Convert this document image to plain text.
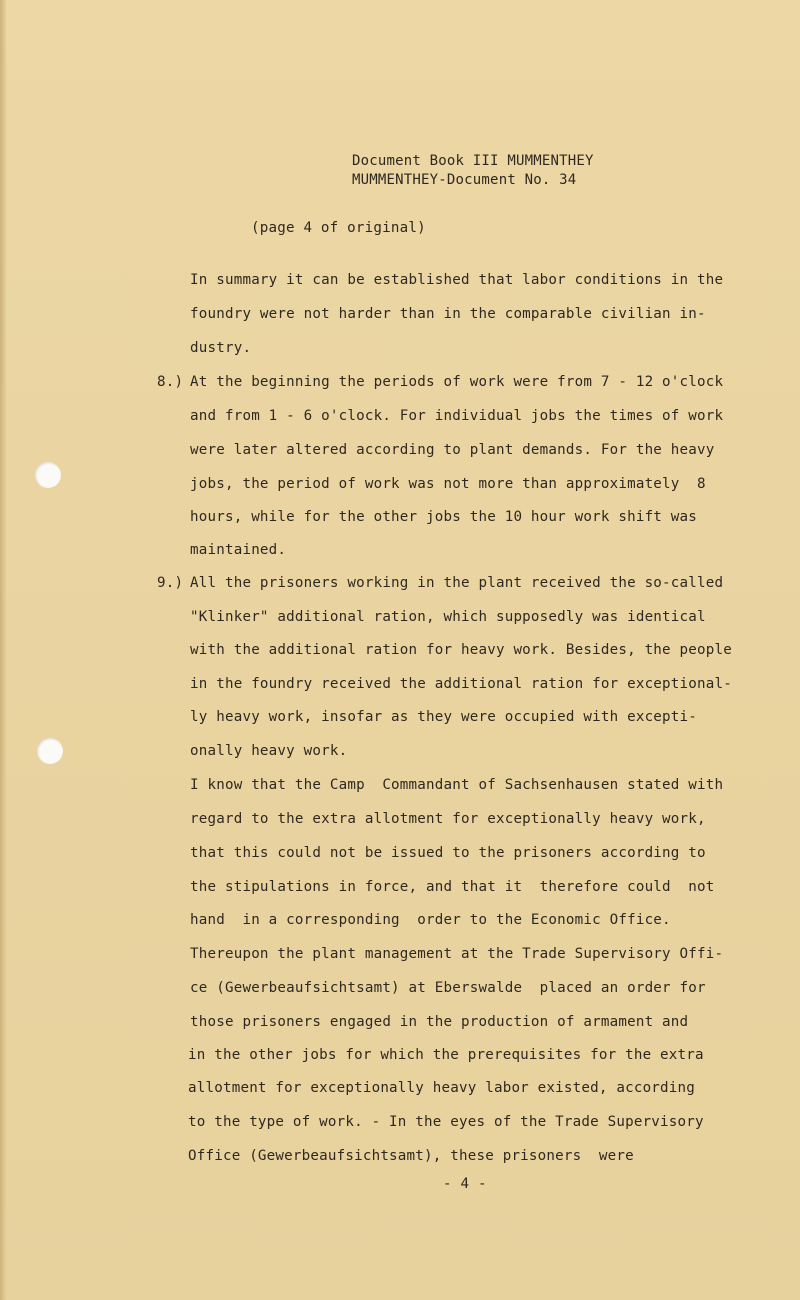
Document Book III MUMMENTHEY
MUMMENTHEY-Document No. 34
(page 4 of original)
In summary it can be established that labor conditions in the
foundry were not harder than in the comparable civilian in-
dustry.
8.) At the beginning the periods of work were from 7 - 12 o'clock
and from 1 - 6 o'clock. For individual jobs the times of work
were later altered according to plant demands. For the heavy
jobs, the period of work was not more than approximately  8
hours, while for the other jobs the 10 hour work shift was
maintained.
9.) All the prisoners working in the plant received the so-called
"Klinker" additional ration, which supposedly was identical
with the additional ration for heavy work. Besides, the people
in the foundry received the additional ration for exceptional-
ly heavy work, insofar as they were occupied with excepti-
onally heavy work.
I know that the Camp  Commandant of Sachsenhausen stated with
regard to the extra allotment for exceptionally heavy work,
that this could not be issued to the prisoners according to
the stipulations in force, and that it  therefore could  not
hand  in a corresponding  order to the Economic Office.
Thereupon the plant management at the Trade Supervisory Offi-
ce (Gewerbeaufsichtsamt) at Eberswalde  placed an order for
those prisoners engaged in the production of armament and
in the other jobs for which the prerequisites for the extra
allotment for exceptionally heavy labor existed, according
to the type of work. - In the eyes of the Trade Supervisory
Office (Gewerbeaufsichtsamt), these prisoners  were
- 4 -
